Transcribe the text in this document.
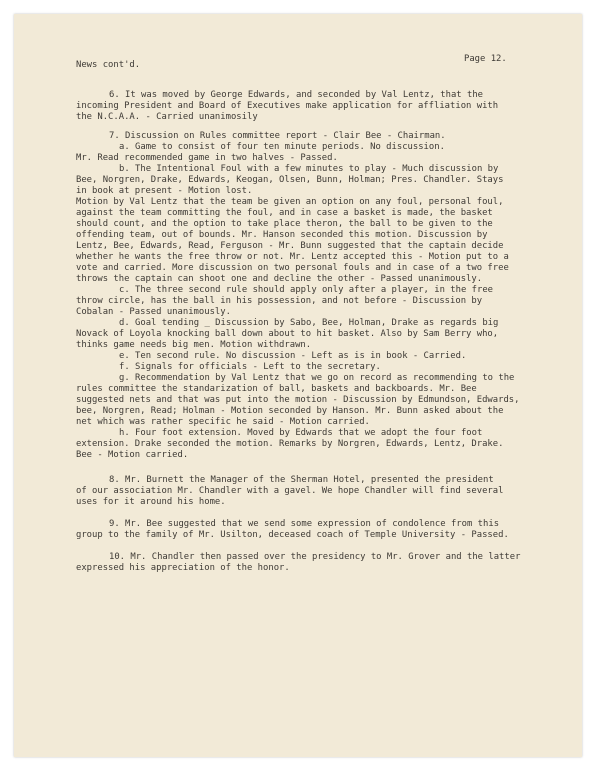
News cont'd.
Page 12.
6. It was moved by George Edwards, and seconded by Val Lentz, that the
incoming President and Board of Executives make application for affliation with
the N.C.A.A. - Carried unanimosily
7. Discussion on Rules committee report - Clair Bee - Chairman.
a. Game to consist of four ten minute periods. No discussion.
Mr. Read recommended game in two halves - Passed.
b. The Intentional Foul with a few minutes to play - Much discussion by
Bee, Norgren, Drake, Edwards, Keogan, Olsen, Bunn, Holman; Pres. Chandler. Stays
in book at present - Motion lost.
Motion by Val Lentz that the team be given an option on any foul, personal foul,
against the team committing the foul, and in case a basket is made, the basket
should count, and the option to take place theron, the ball to be given to the
offending team, out of bounds. Mr. Hanson seconded this motion. Discussion by
Lentz, Bee, Edwards, Read, Ferguson - Mr. Bunn suggested that the captain decide
whether he wants the free throw or not. Mr. Lentz accepted this - Motion put to a
vote and carried. More discussion on two personal fouls and in case of a two free
throws the captain can shoot one and decline the other - Passed unanimously.
c. The three second rule should apply only after a player, in the free
throw circle, has the ball in his possession, and not before - Discussion by
Cobalan - Passed unanimously.
d. Goal tending _ Discussion by Sabo, Bee, Holman, Drake as regards big
Novack of Loyola knocking ball down about to hit basket. Also by Sam Berry who,
thinks game needs big men. Motion withdrawn.
e. Ten second rule. No discussion - Left as is in book - Carried.
f. Signals for officials - Left to the secretary.
g. Recommendation by Val Lentz that we go on record as recommending to the
rules committee the standarization of ball, baskets and backboards. Mr. Bee
suggested nets and that was put into the motion - Discussion by Edmundson, Edwards,
bee, Norgren, Read; Holman - Motion seconded by Hanson. Mr. Bunn asked about the
net which was rather specific he said - Motion carried.
h. Four foot extension. Moved by Edwards that we adopt the four foot
extension. Drake seconded the motion. Remarks by Norgren, Edwards, Lentz, Drake.
Bee - Motion carried.
8. Mr. Burnett the Manager of the Sherman Hotel, presented the president
of our association Mr. Chandler with a gavel. We hope Chandler will find several
uses for it around his home.
9. Mr. Bee suggested that we send some expression of condolence from this
group to the family of Mr. Usilton, deceased coach of Temple University - Passed.
10. Mr. Chandler then passed over the presidency to Mr. Grover and the latter
expressed his appreciation of the honor.
